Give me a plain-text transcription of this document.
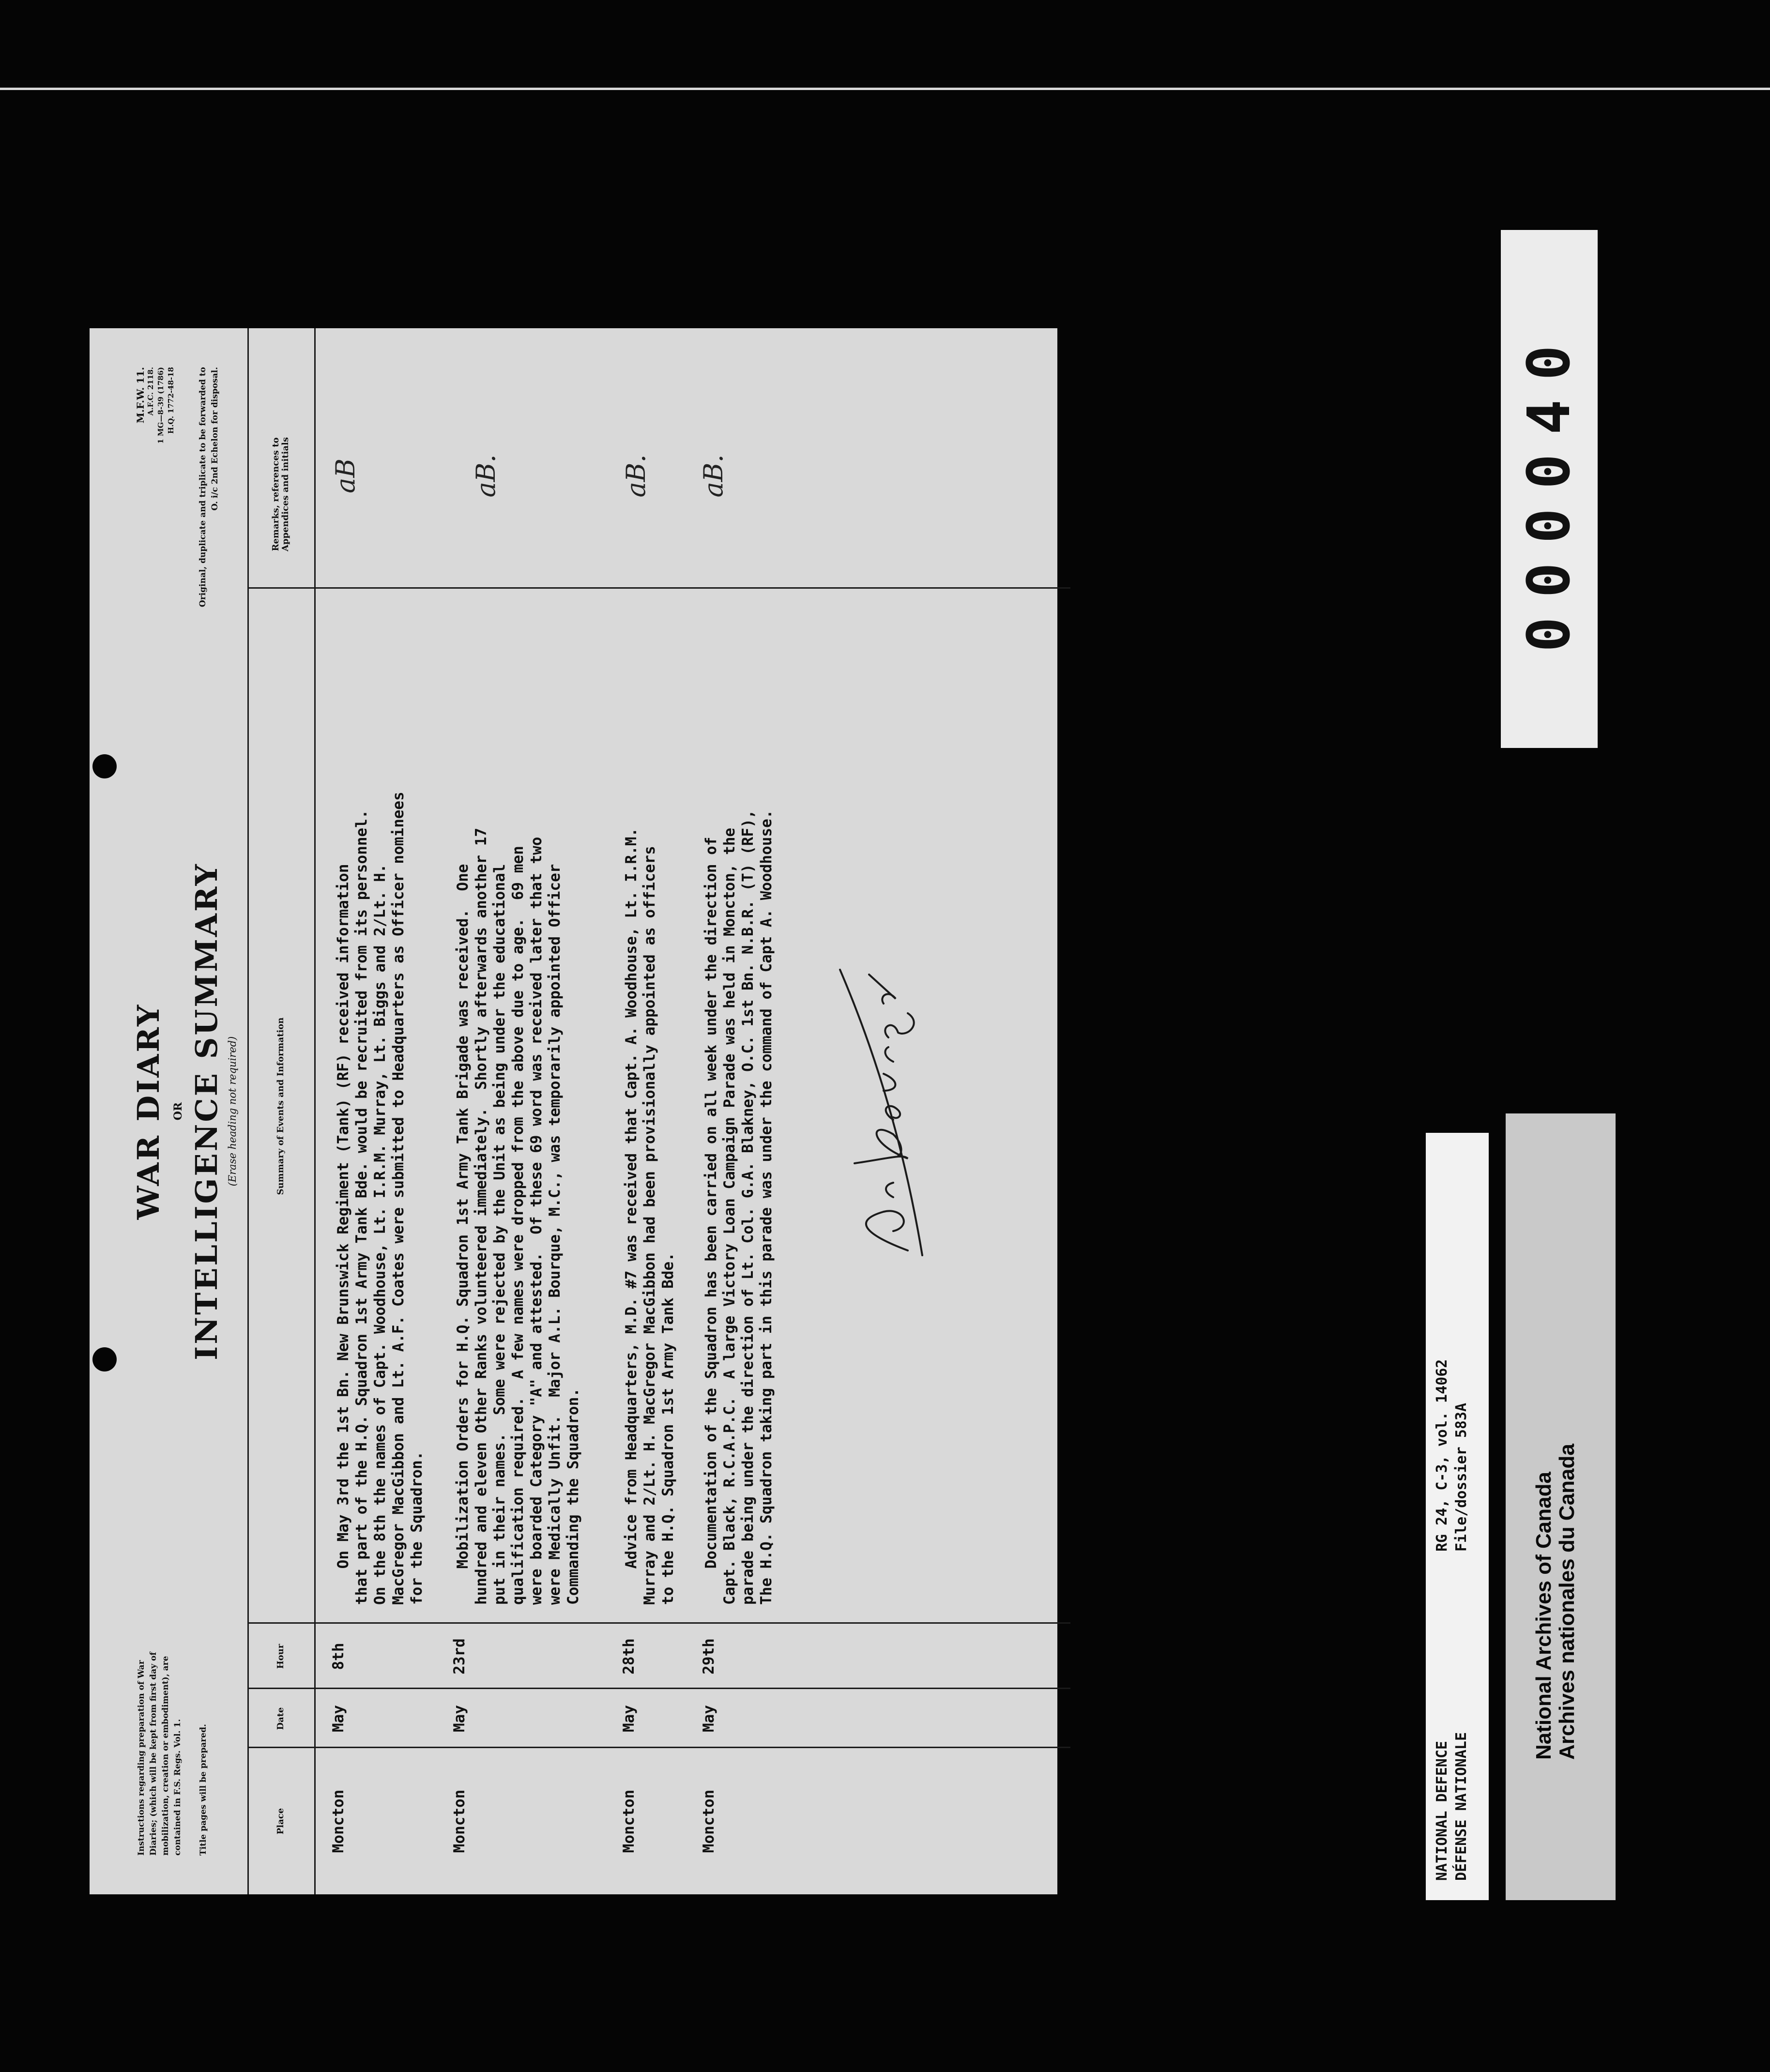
Instructions regarding preparation of War Diaries; (which will be kept from first day of mobilization, creation or embodiment), are contained in F.S. Regs. Vol. 1. Title pages will be prepared.
WAR DIARY OR INTELLIGENCE SUMMARY (Erase heading not required)
M.F.W. 11. A.F.C. 2118. 1 MG—8-39 (1786) H.Q. 1772-48-18	Original, duplicate and triplicate to be forwarded to O. i/c 2nd Echelon for disposal.
Place
Date
Hour
Summary of Events and Information
Remarks, references to Appendices and initials
Moncton
May
8th
On May 3rd the 1st Bn. New Brunswick Regiment (Tank) (RF) received information
that part of the H.Q. Squadron 1st Army Tank Bde. would be recruited from its personnel.
On the 8th the names of Capt. Woodhouse, Lt. I.R.M. Murray, Lt. Biggs and 2/Lt. H.
MacGregor MacGibbon and Lt. A.F. Coates were submitted to Headquarters as Officer nominees
for the Squadron.
aB
Moncton
May
23rd
Mobilization Orders for H.Q. Squadron 1st Army Tank Brigade was received.  One
hundred and eleven Other Ranks volunteered immediately.  Shortly afterwards another 17
put in their names.  Some were rejected by the Unit as being under the educational
qualification required.  A few names were dropped from the above due to age.  69 men
were boarded Category "A" and attested.  Of these 69 word was received later that two
were Medically Unfit.  Major A.L. Bourque, M.C., was temporarily appointed Officer
Commanding the Squadron.
aB.
Moncton
May
28th
Advice from Headquarters, M.D. #7 was received that Capt. A. Woodhouse, Lt. I.R.M.
Murray and 2/Lt. H. MacGregor MacGibbon had been provisionally appointed as officers
to the H.Q. Squadron 1st Army Tank Bde.
aB.
Moncton
May
29th
Documentation of the Squadron has been carried on all week under the direction of
Capt. Black, R.C.A.P.C.  A large Victory Loan Campaign Parade was held in Moncton, the
parade being under the direction of Lt. Col. G.A. Blakney, O.C. 1st Bn. N.B.R. (T) (RF),
The H.Q. Squadron taking part in this parade was under the command of Capt A. Woodhouse.
aB.
NATIONAL DEFENCE DÉFENSE NATIONALE
RG 24, C-3, vol. 14062 File/dossier 583A	National Archives of Canada Archives nationales du Canada
000040
